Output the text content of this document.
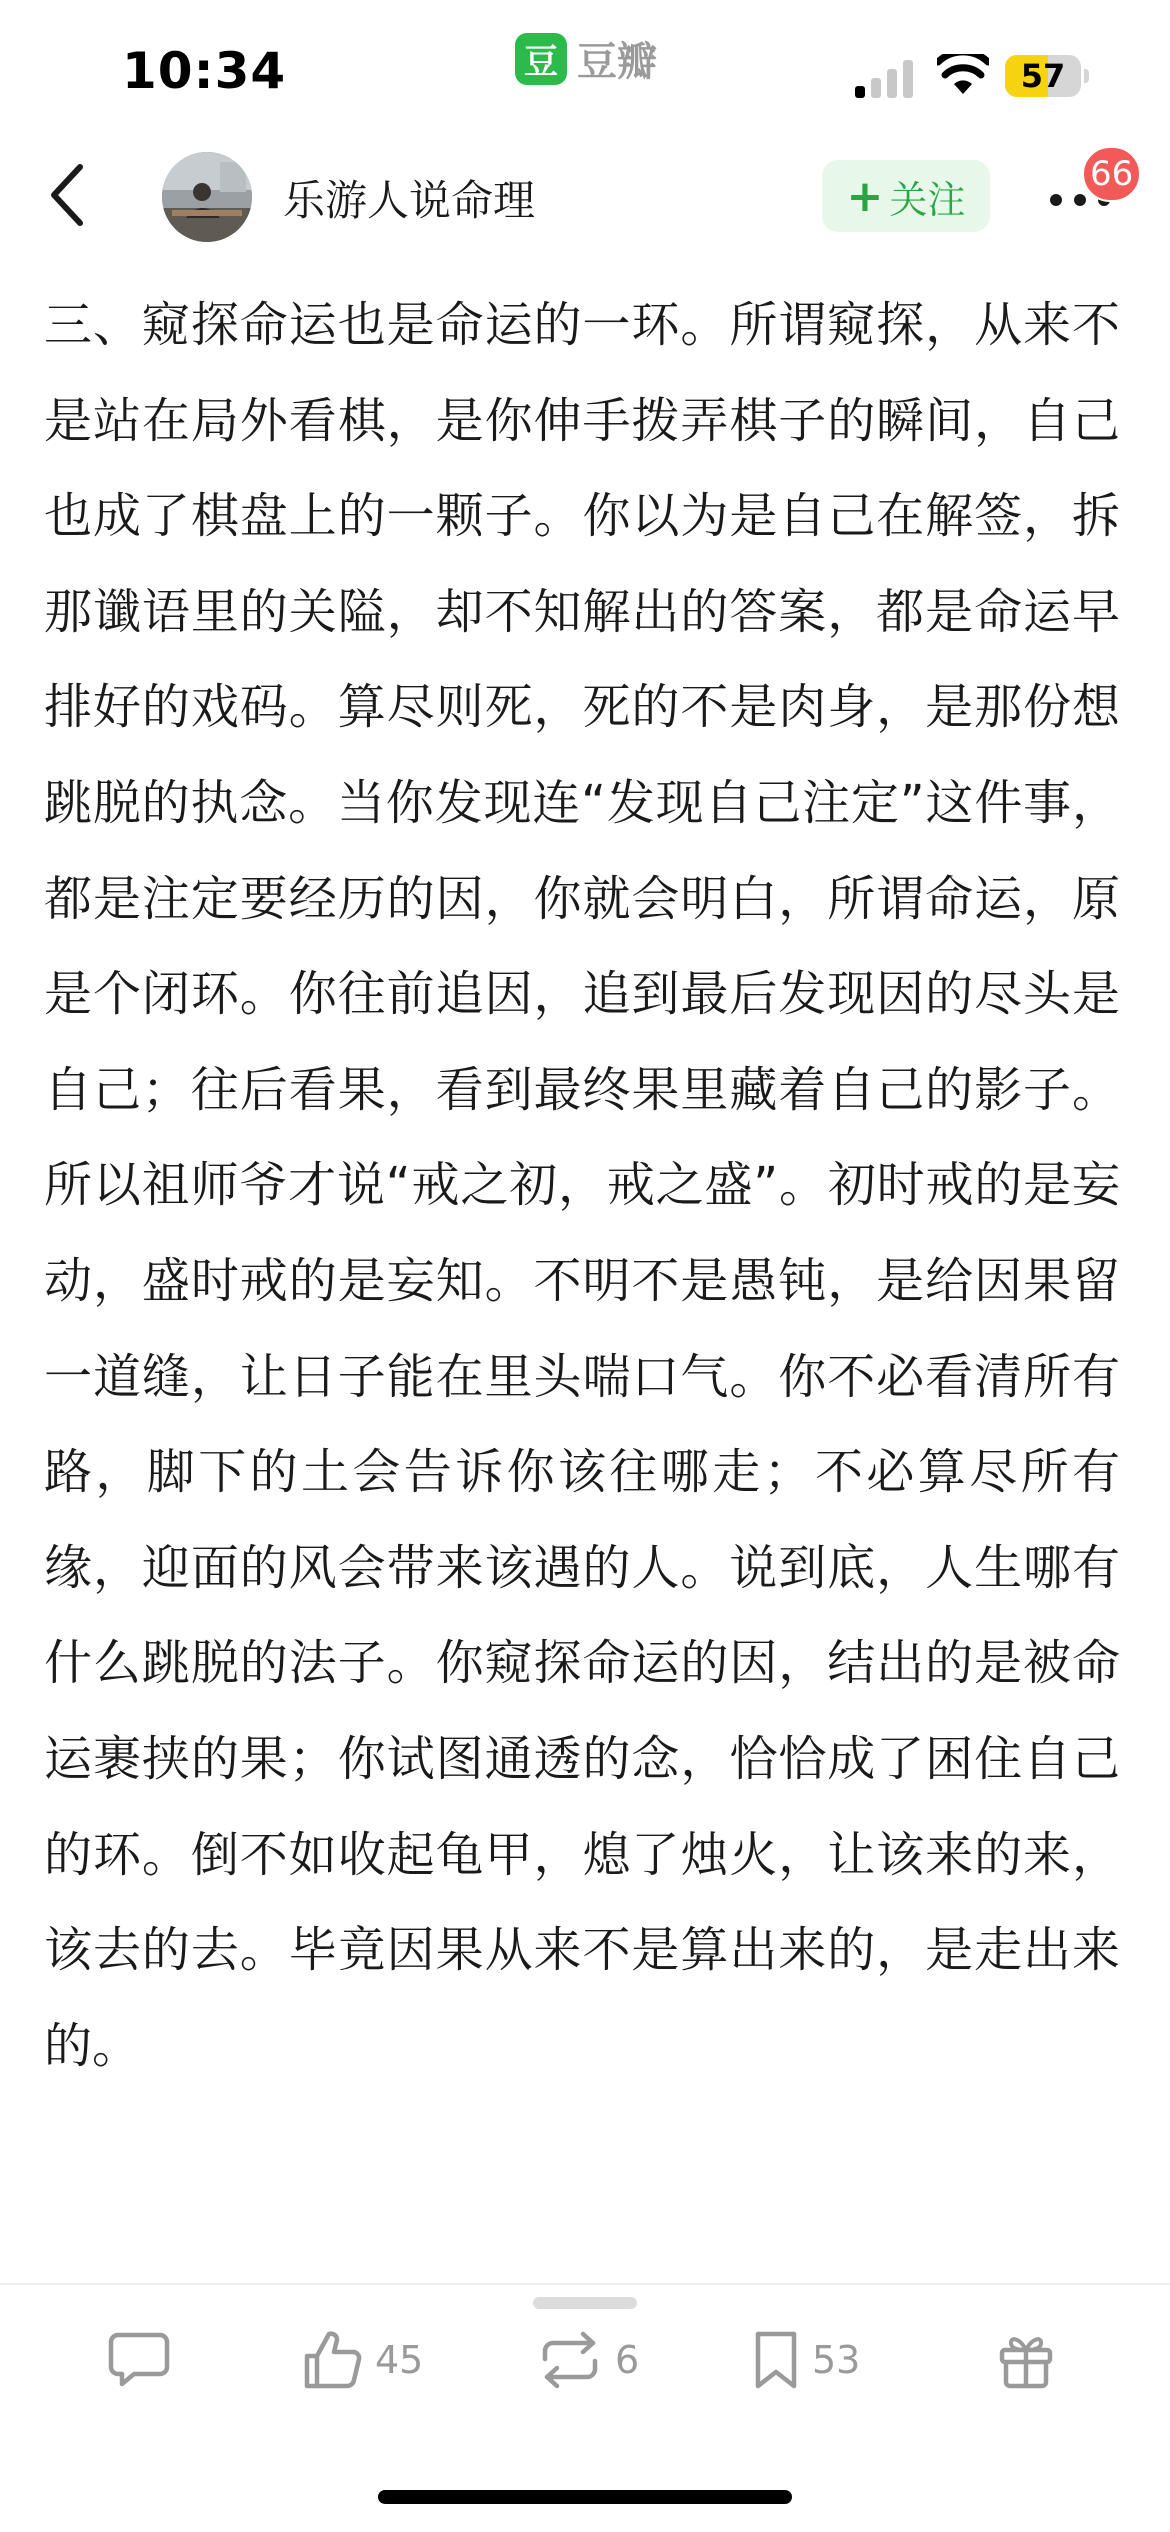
10:34	豆 豆瓣	57
乐游人说命理	+ 关注
66
三、窥探命运也是命运的一环。所谓窥探，从来不是站在局外看棋，是你伸手拨弄棋子的瞬间，自己也成了棋盘上的一颗子。你以为是自己在解签，拆那谶语里的关隘，却不知解出的答案，都是命运早排好的戏码。算尽则死，死的不是肉身，是那份想跳脱的执念。当你发现连“发现自己注定”这件事，都是注定要经历的因，你就会明白，所谓命运，原是个闭环。你往前追因，追到最后发现因的尽头是自己；往后看果，看到最终果里藏着自己的影子。所以祖师爷才说“戒之初，戒之盛”。初时戒的是妄动，盛时戒的是妄知。不明不是愚钝，是给因果留一道缝，让日子能在里头喘口气。你不必看清所有路，脚下的土会告诉你该往哪走；不必算尽所有缘，迎面的风会带来该遇的人。说到底，人生哪有什么跳脱的法子。你窥探命运的因，结出的是被命运裹挟的果；你试图通透的念，恰恰成了困住自己的环。倒不如收起龟甲，熄了烛火，让该来的来，该去的去。毕竟因果从来不是算出来的，是走出来的。
45	6	53
